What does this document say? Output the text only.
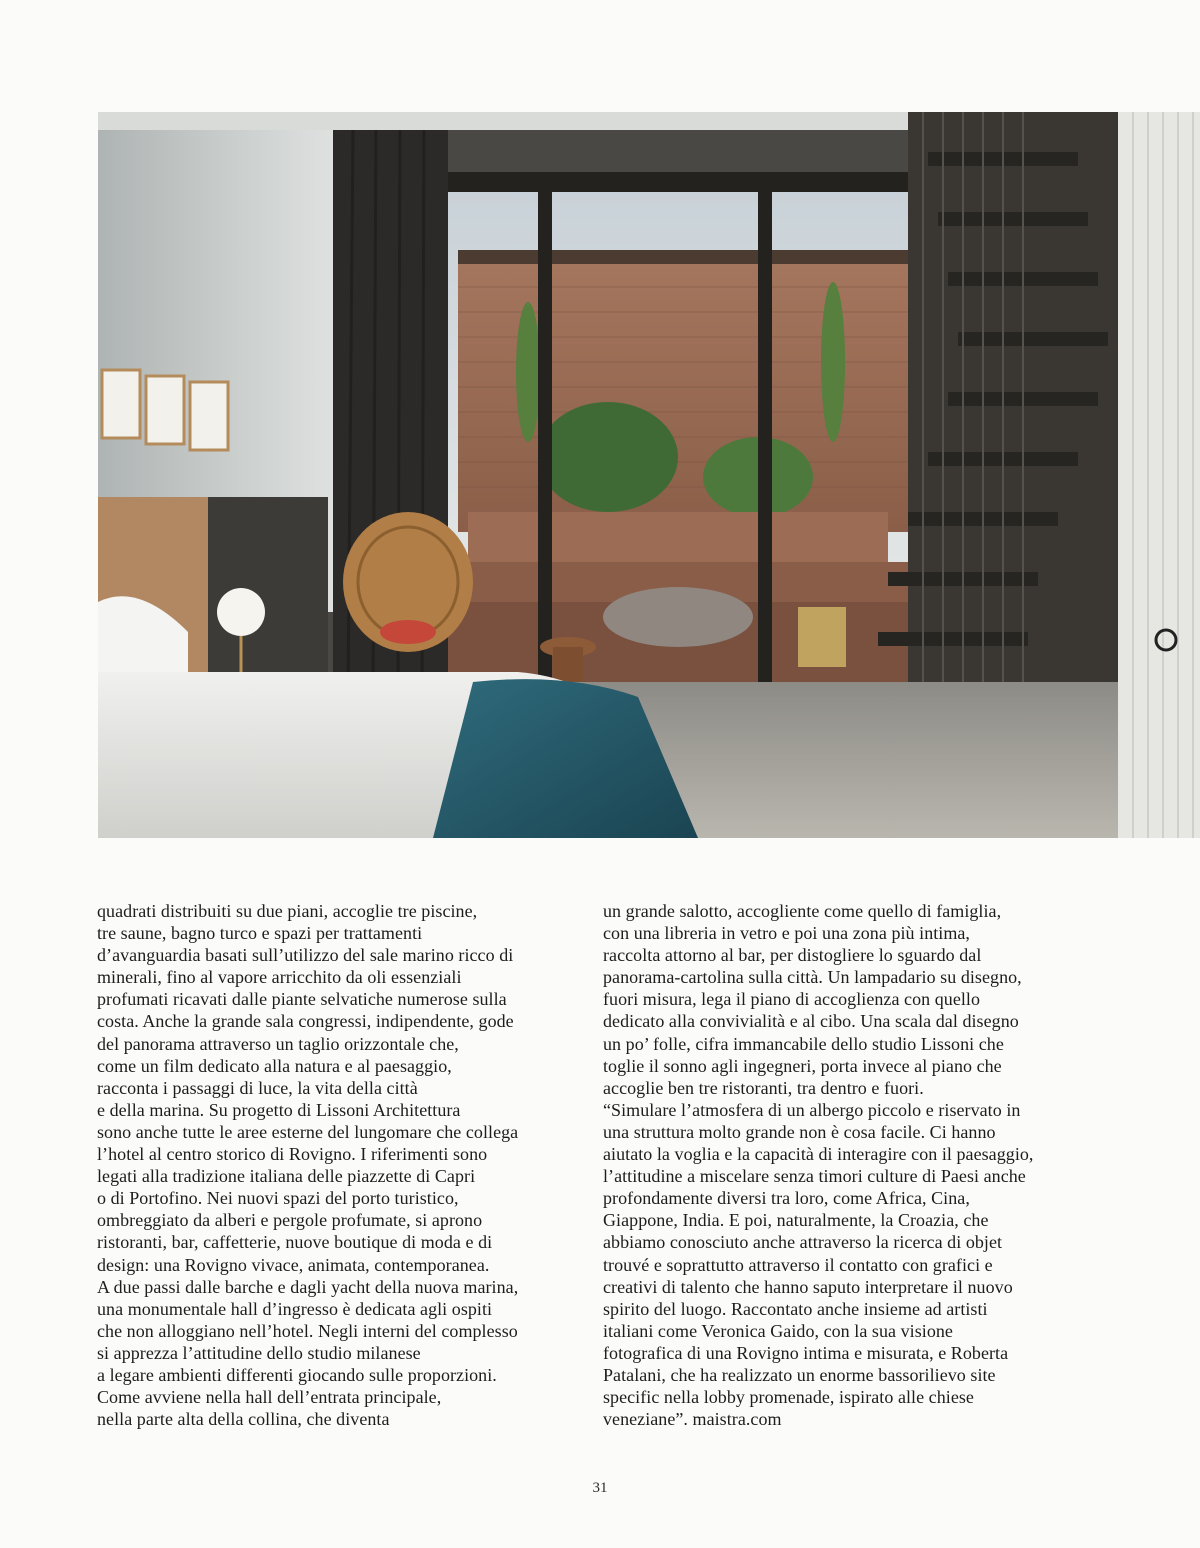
quadrati distribuiti su due piani, accoglie tre piscine,
tre saune, bagno turco e spazi per trattamenti
d’avanguardia basati sull’utilizzo del sale marino ricco di
minerali, fino al vapore arricchito da oli essenziali
profumati ricavati dalle piante selvatiche numerose sulla
costa. Anche la grande sala congressi, indipendente, gode
del panorama attraverso un taglio orizzontale che,
come un film dedicato alla natura e al paesaggio,
racconta i passaggi di luce, la vita della città
e della marina. Su progetto di Lissoni Architettura
sono anche tutte le aree esterne del lungomare che collega
l’hotel al centro storico di Rovigno. I riferimenti sono
legati alla tradizione italiana delle piazzette di Capri
o di Portofino. Nei nuovi spazi del porto turistico,
ombreggiato da alberi e pergole profumate, si aprono
ristoranti, bar, caffetterie, nuove boutique di moda e di
design: una Rovigno vivace, animata, contemporanea.

A due passi dalle barche e dagli yacht della nuova marina,
una monumentale hall d’ingresso è dedicata agli ospiti
che non alloggiano nell’hotel. Negli interni del complesso
si apprezza l’attitudine dello studio milanese
a legare ambienti differenti giocando sulle proporzioni.
Come avviene nella hall dell’entrata principale,
nella parte alta della collina, che diventa

un grande salotto, accogliente come quello di famiglia,
con una libreria in vetro e poi una zona più intima,
raccolta attorno al bar, per distogliere lo sguardo dal
panorama-cartolina sulla città. Un lampadario su disegno,
fuori misura, lega il piano di accoglienza con quello
dedicato alla convivialità e al cibo. Una scala dal disegno
un po’ folle, cifra immancabile dello studio Lissoni che
toglie il sonno agli ingegneri, porta invece al piano che
accoglie ben tre ristoranti, tra dentro e fuori.

“Simulare l’atmosfera di un albergo piccolo e riservato in
una struttura molto grande non è cosa facile. Ci hanno
aiutato la voglia e la capacità di interagire con il paesaggio,
l’attitudine a miscelare senza timori culture di Paesi anche
profondamente diversi tra loro, come Africa, Cina,
Giappone, India. E poi, naturalmente, la Croazia, che
abbiamo conosciuto anche attraverso la ricerca di objet
trouvé e soprattutto attraverso il contatto con grafici e
creativi di talento che hanno saputo interpretare il nuovo
spirito del luogo. Raccontato anche insieme ad artisti
italiani come Veronica Gaido, con la sua visione
fotografica di una Rovigno intima e misurata, e Roberta
Patalani, che ha realizzato un enorme bassorilievo site
specific nella lobby promenade, ispirato alle chiese
veneziane”. maistra.com

31
